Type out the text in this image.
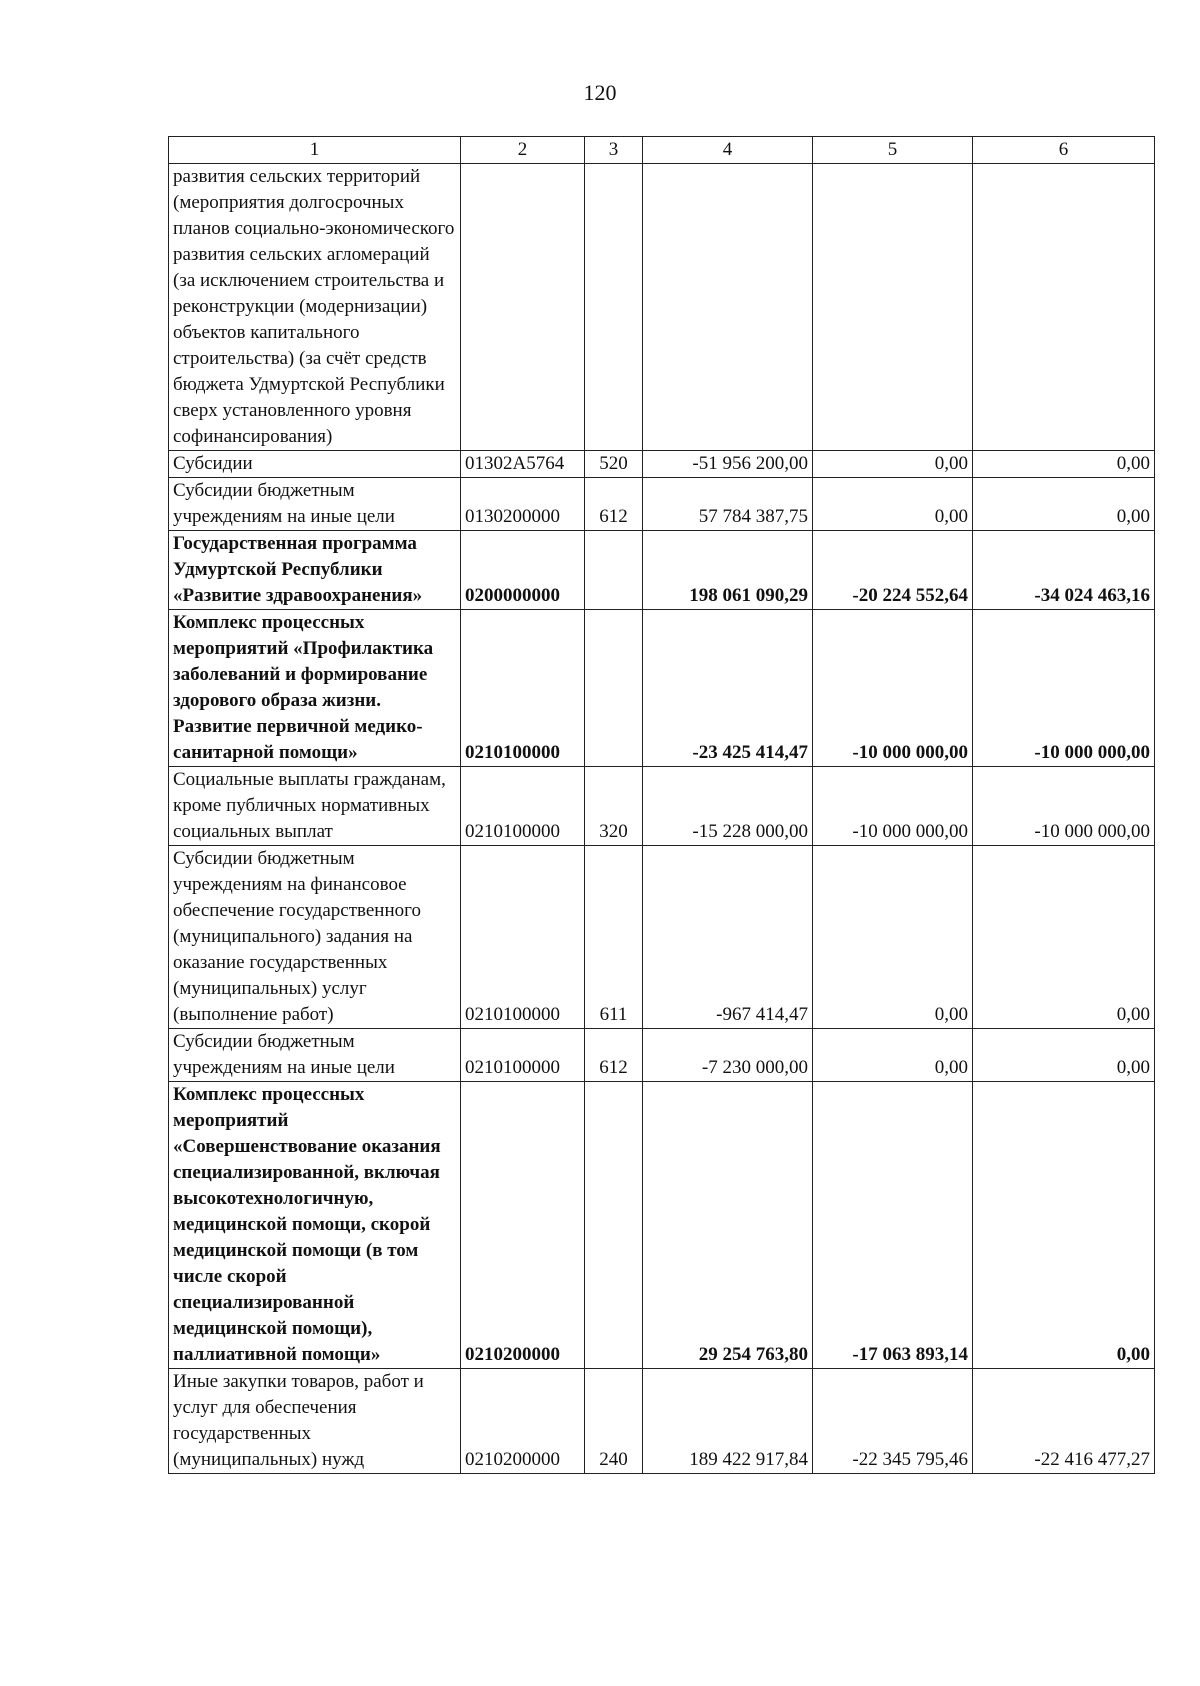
120
1	2	3	4	5	6
развития сельских территорий (мероприятия долгосрочных планов социально-экономического развития сельских агломераций (за исключением строительства и реконструкции (модернизации) объектов капитального строительства) (за счёт средств бюджета Удмуртской Республики сверх установленного уровня софинансирования)					
Субсидии	01302A5764	520	-51 956 200,00	0,00	0,00
Субсидии бюджетным учреждениям на иные цели	0130200000	612	57 784 387,75	0,00	0,00
Государственная программа Удмуртской Республики «Развитие здравоохранения»	0200000000		198 061 090,29	-20 224 552,64	-34 024 463,16
Комплекс процессных мероприятий «Профилактика заболеваний и формирование здорового образа жизни. Развитие первичной медико-санитарной помощи»	0210100000		-23 425 414,47	-10 000 000,00	-10 000 000,00
Социальные выплаты гражданам, кроме публичных нормативных социальных выплат	0210100000	320	-15 228 000,00	-10 000 000,00	-10 000 000,00
Субсидии бюджетным учреждениям на финансовое обеспечение государственного (муниципального) задания на оказание государственных (муниципальных) услуг (выполнение работ)	0210100000	611	-967 414,47	0,00	0,00
Субсидии бюджетным учреждениям на иные цели	0210100000	612	-7 230 000,00	0,00	0,00
Комплекс процессных мероприятий «Совершенствование оказания специализированной, включая высокотехнологичную, медицинской помощи, скорой медицинской помощи (в том числе скорой специализированной медицинской помощи), паллиативной помощи»	0210200000		29 254 763,80	-17 063 893,14	0,00
Иные закупки товаров, работ и услуг для обеспечения государственных (муниципальных) нужд	0210200000	240	189 422 917,84	-22 345 795,46	-22 416 477,27
